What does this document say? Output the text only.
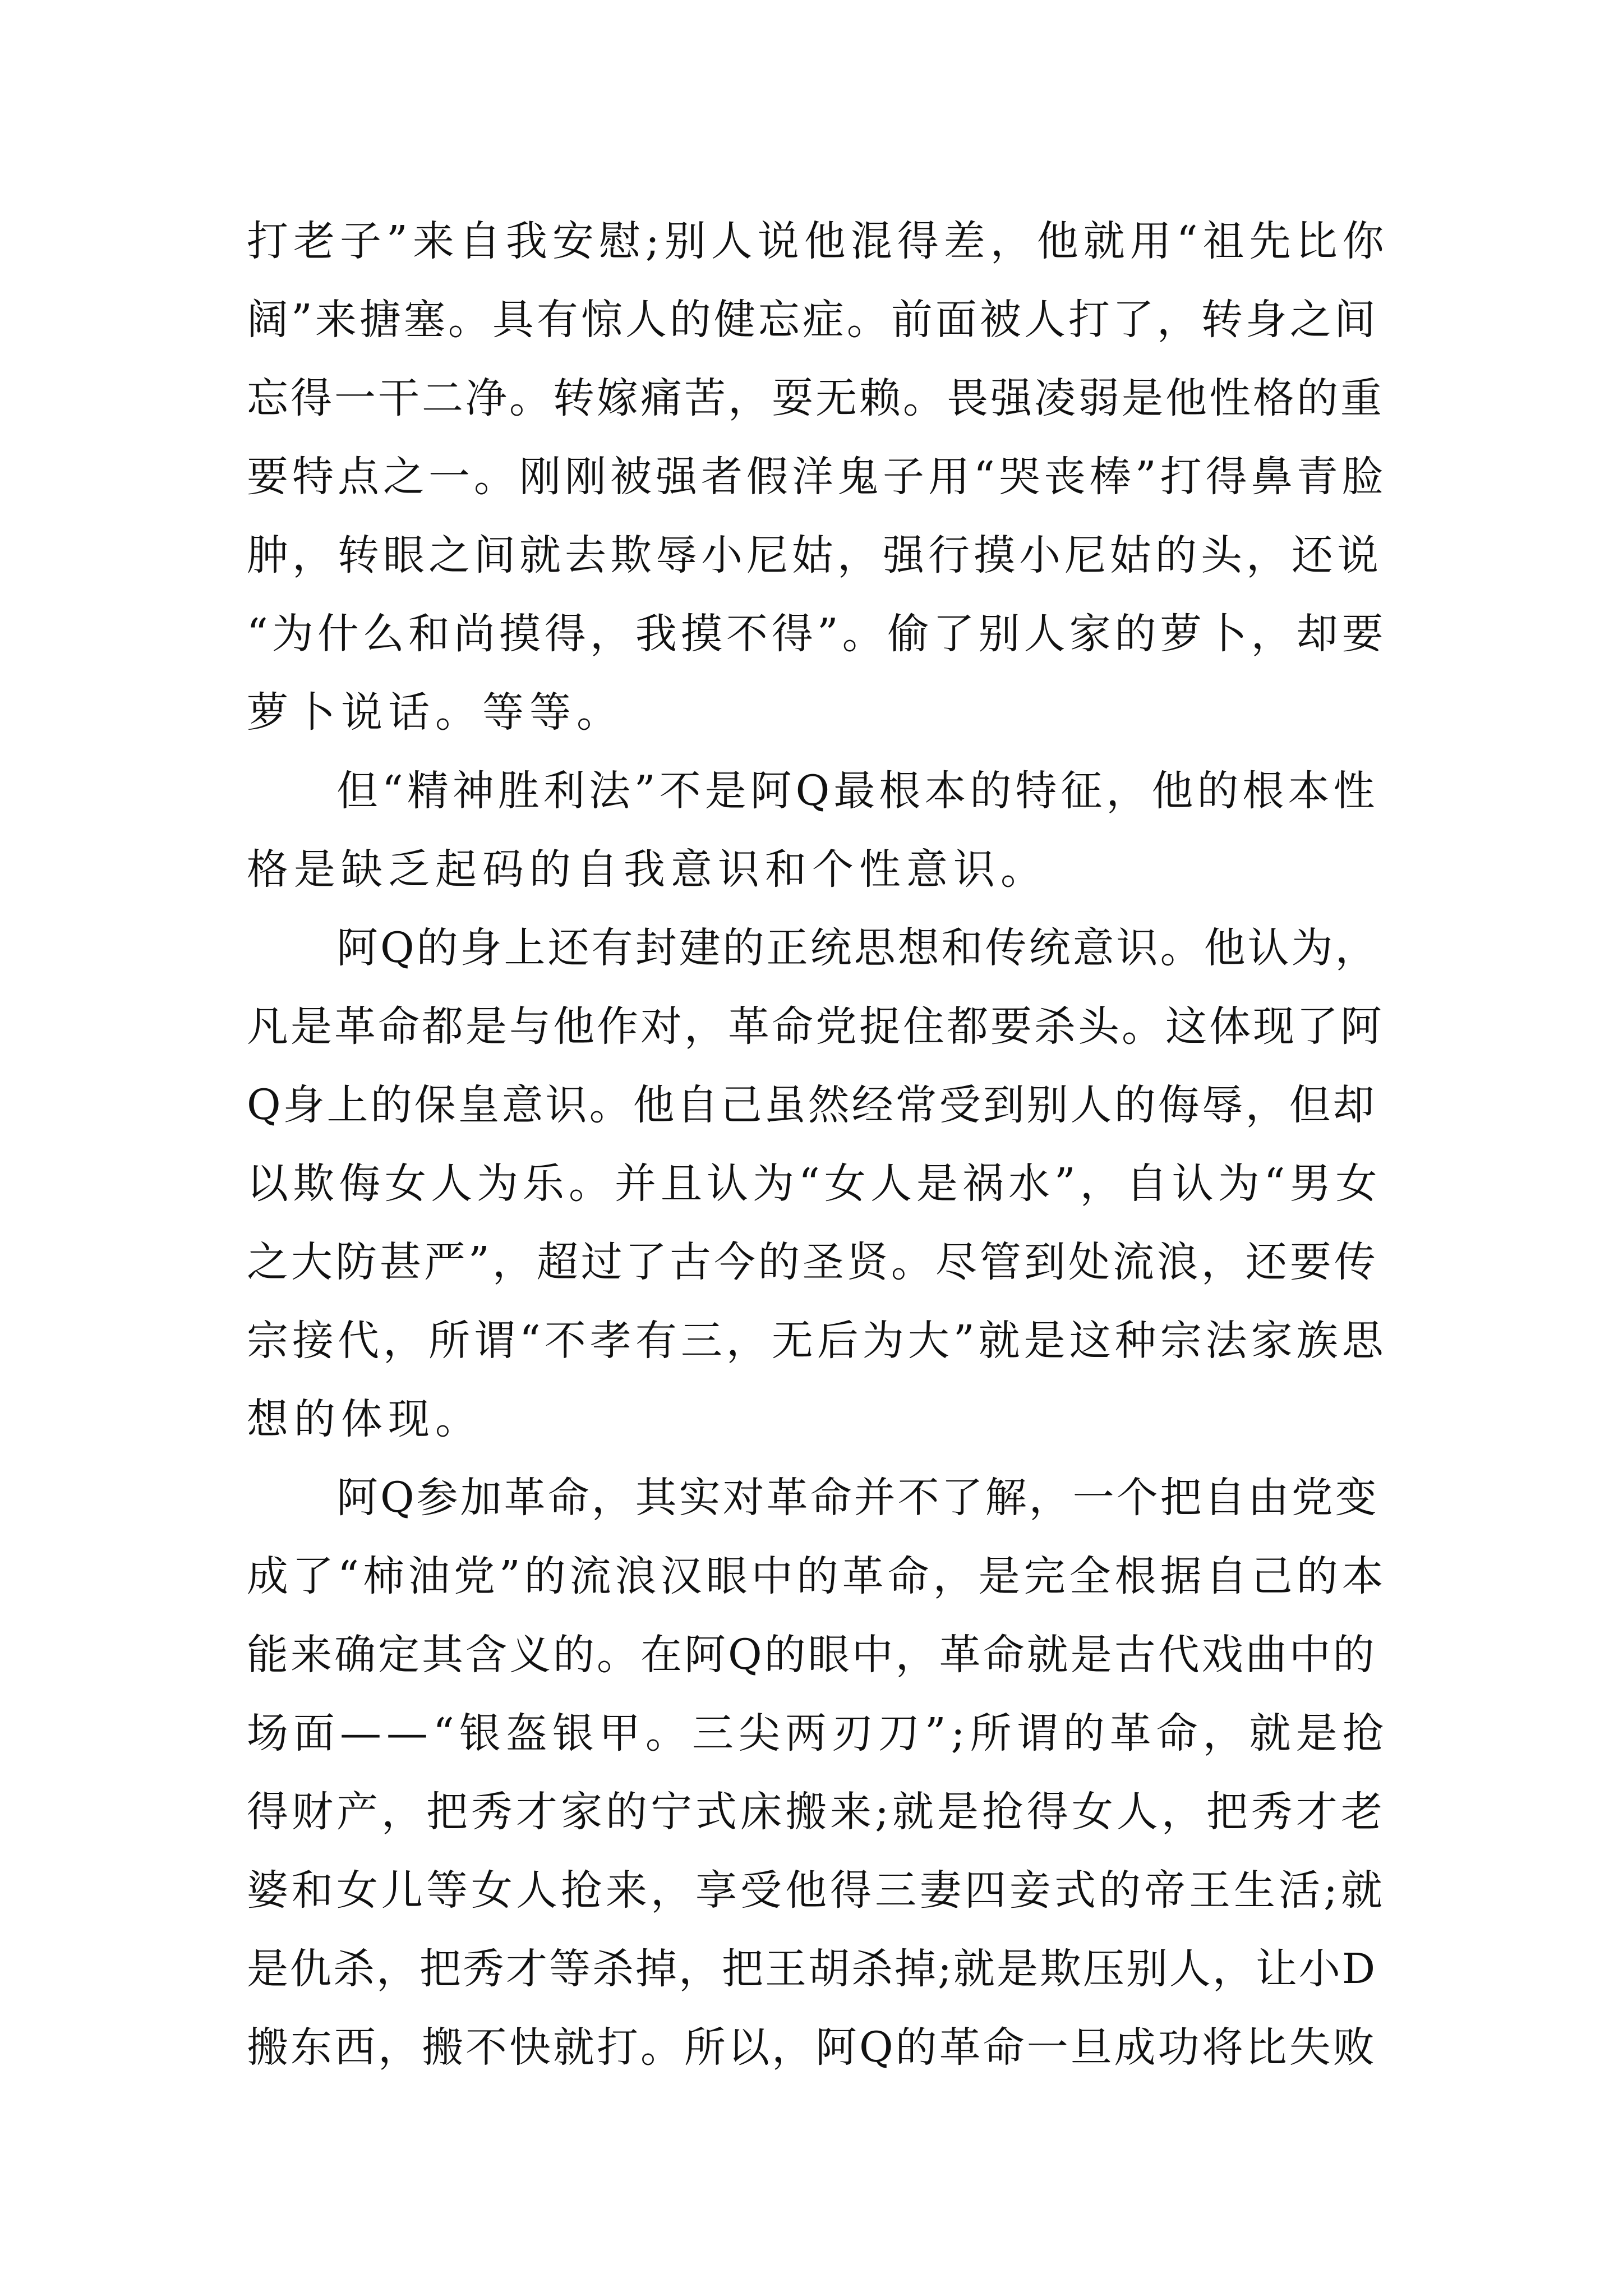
打老子”来自我安慰;别人说他混得差，他就用“祖先比你
阔”来搪塞。具有惊人的健忘症。前面被人打了，转身之间
忘得一干二净。转嫁痛苦，耍无赖。畏强凌弱是他性格的重
要特点之一。刚刚被强者假洋鬼子用“哭丧棒”打得鼻青脸
肿，转眼之间就去欺辱小尼姑，强行摸小尼姑的头，还说
“为什么和尚摸得，我摸不得”。偷了别人家的萝卜，却要
萝卜说话。等等。
但“精神胜利法”不是阿Q最根本的特征，他的根本性
格是缺乏起码的自我意识和个性意识。
阿Q的身上还有封建的正统思想和传统意识。他认为，
凡是革命都是与他作对，革命党捉住都要杀头。这体现了阿
Q身上的保皇意识。他自己虽然经常受到别人的侮辱，但却
以欺侮女人为乐。并且认为“女人是祸水”，自认为“男女
之大防甚严”，超过了古今的圣贤。尽管到处流浪，还要传
宗接代，所谓“不孝有三，无后为大”就是这种宗法家族思
想的体现。
阿Q参加革命，其实对革命并不了解，一个把自由党变
成了“柿油党”的流浪汉眼中的革命，是完全根据自己的本
能来确定其含义的。在阿Q的眼中，革命就是古代戏曲中的
场面——“银盔银甲。三尖两刃刀”;所谓的革命，就是抢
得财产，把秀才家的宁式床搬来;就是抢得女人，把秀才老
婆和女儿等女人抢来，享受他得三妻四妾式的帝王生活;就
是仇杀，把秀才等杀掉，把王胡杀掉;就是欺压别人，让小D
搬东西，搬不快就打。所以，阿Q的革命一旦成功将比失败
